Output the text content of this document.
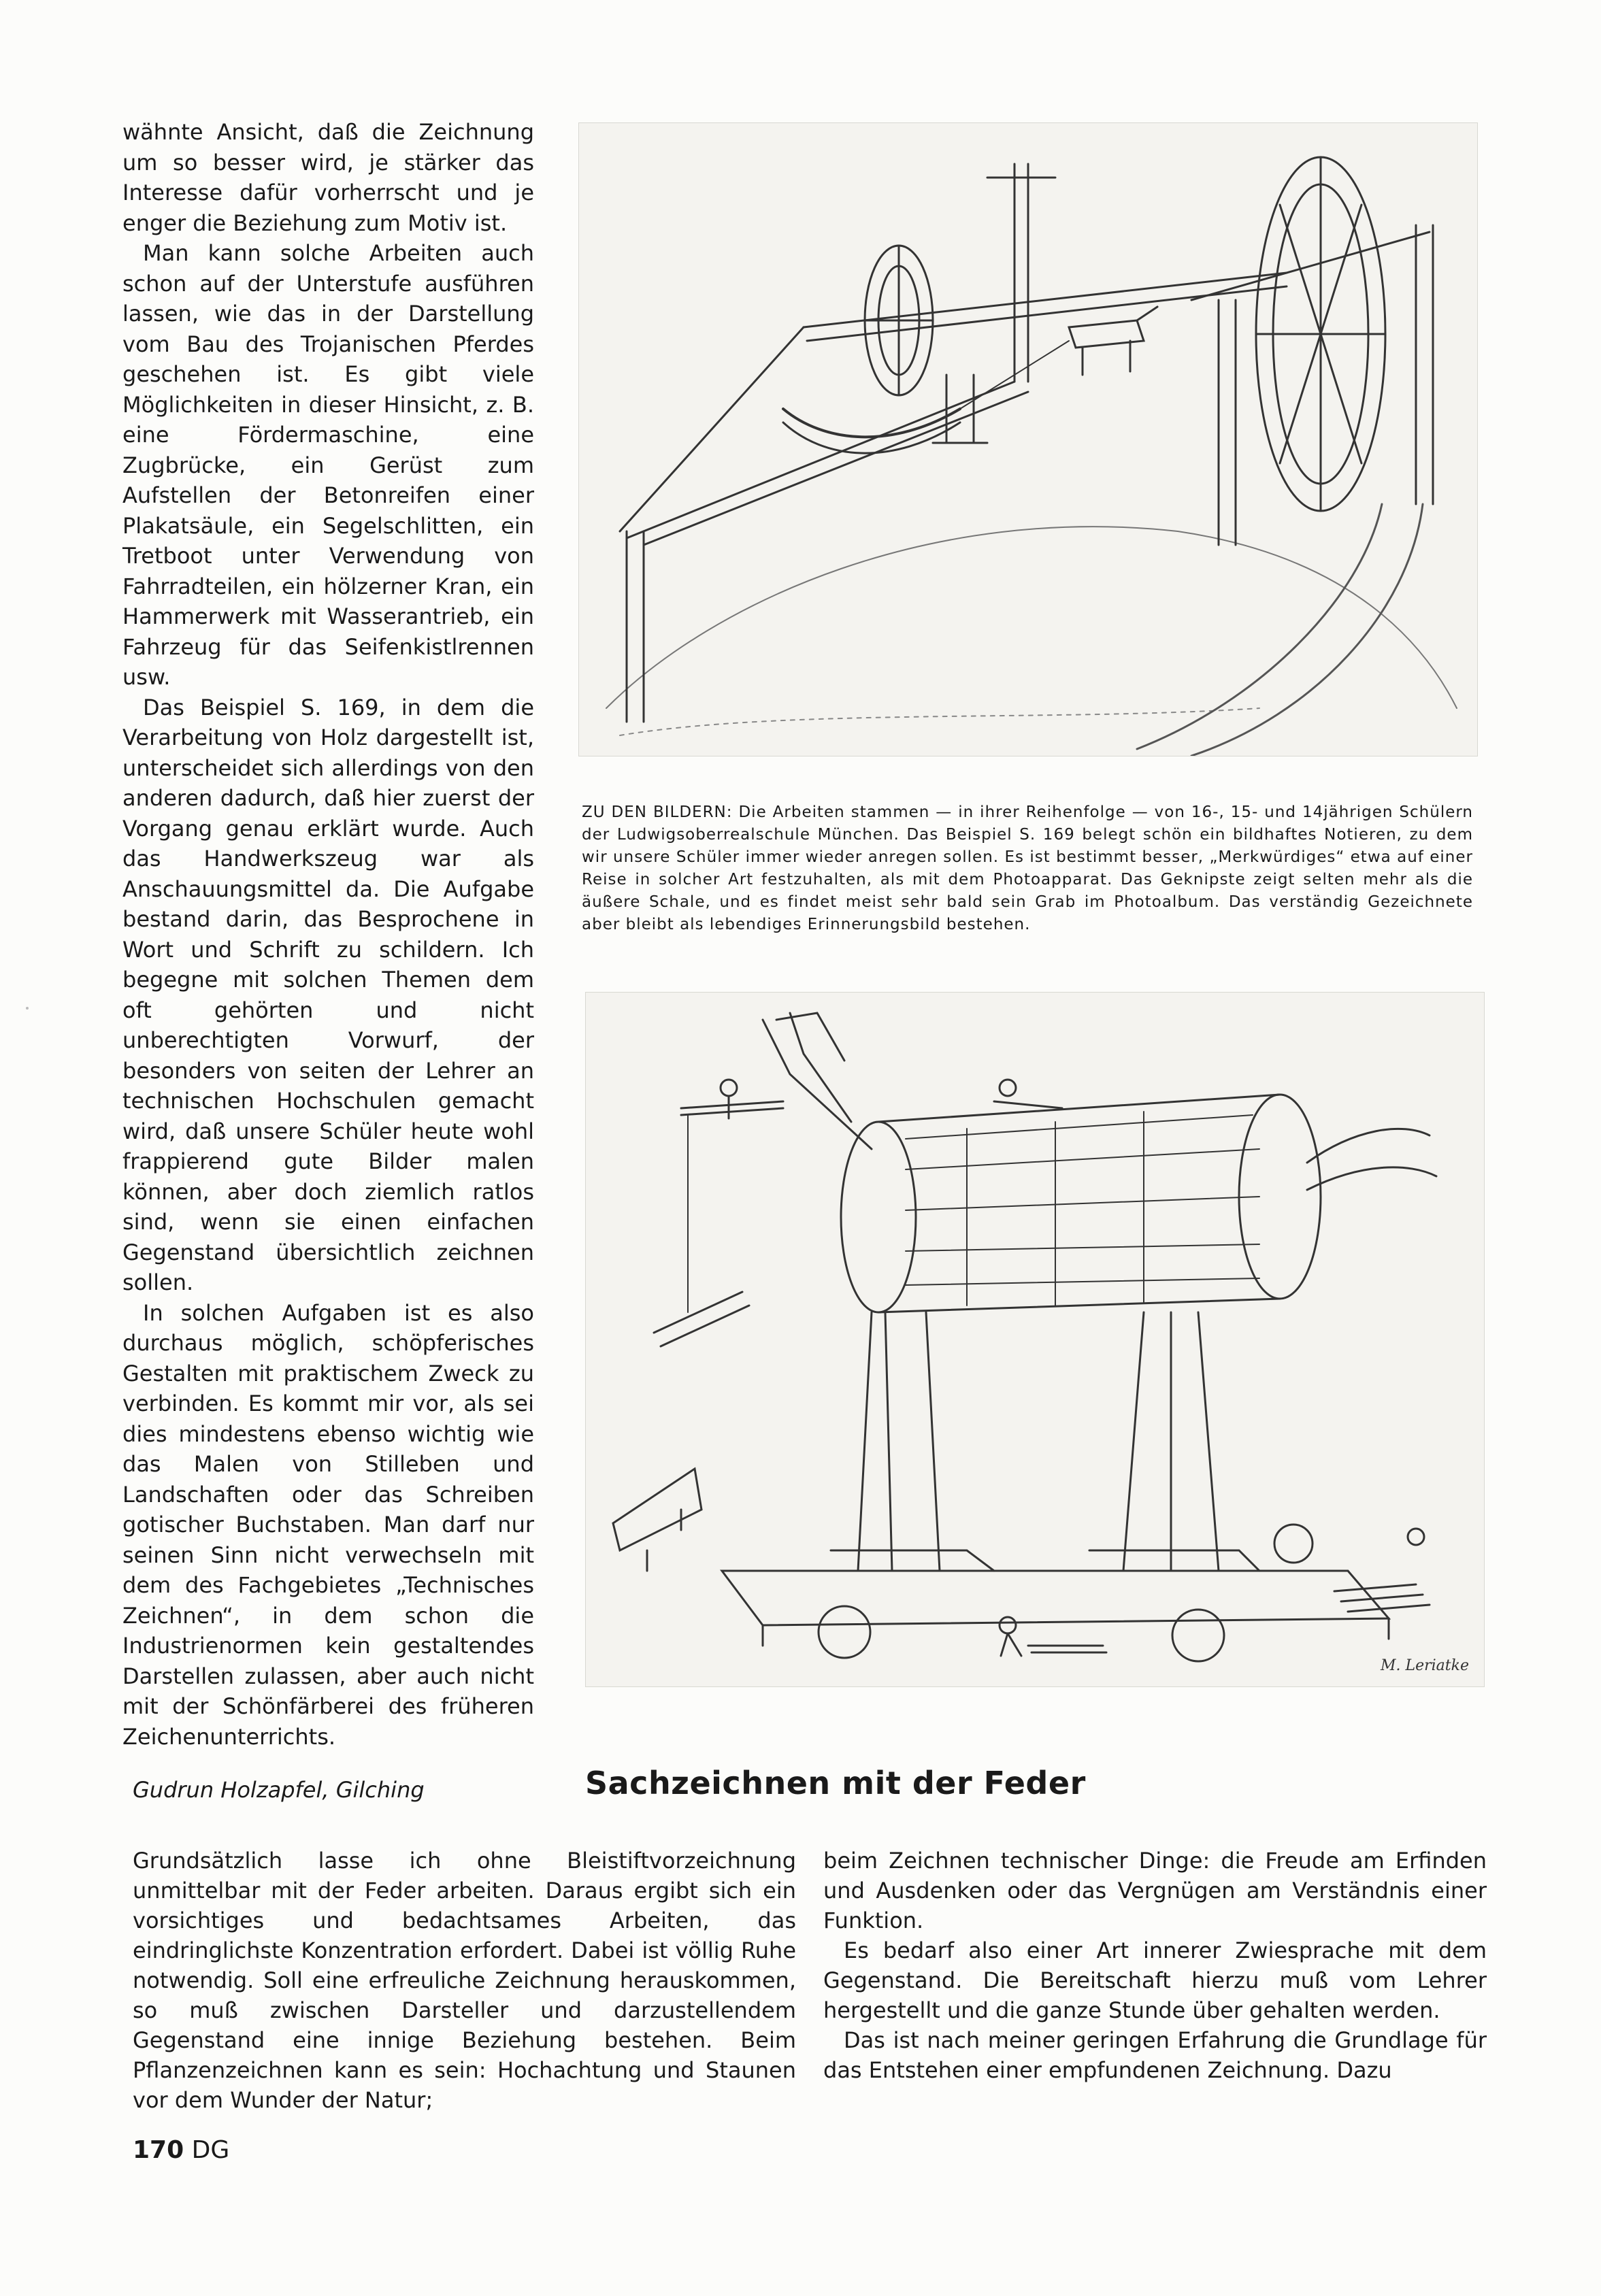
wähnte Ansicht, daß die Zeichnung um so besser wird, je stärker das Interesse dafür vorherrscht und je enger die Beziehung zum Motiv ist.

Man kann solche Arbeiten auch schon auf der Unterstufe ausführen lassen, wie das in der Darstellung vom Bau des Trojanischen Pferdes geschehen ist. Es gibt viele Möglichkeiten in dieser Hinsicht, z. B. eine Fördermaschine, eine Zugbrücke, ein Gerüst zum Aufstellen der Betonreifen einer Plakatsäule, ein Segelschlitten, ein Tretboot unter Verwendung von Fahrradteilen, ein hölzerner Kran, ein Hammerwerk mit Wasserantrieb, ein Fahrzeug für das Seifenkistlrennen usw.

Das Beispiel S. 169, in dem die Verarbeitung von Holz dargestellt ist, unterscheidet sich allerdings von den anderen dadurch, daß hier zuerst der Vorgang genau erklärt wurde. Auch das Handwerkszeug war als Anschauungsmittel da. Die Aufgabe bestand darin, das Besprochene in Wort und Schrift zu schildern. Ich begegne mit solchen Themen dem oft gehörten und nicht unberechtigten Vorwurf, der besonders von seiten der Lehrer an technischen Hochschulen gemacht wird, daß unsere Schüler heute wohl frappierend gute Bilder malen können, aber doch ziemlich ratlos sind, wenn sie einen einfachen Gegenstand übersichtlich zeichnen sollen.

In solchen Aufgaben ist es also durchaus möglich, schöpferisches Gestalten mit praktischem Zweck zu verbinden. Es kommt mir vor, als sei dies mindestens ebenso wichtig wie das Malen von Stilleben und Landschaften oder das Schreiben gotischer Buchstaben. Man darf nur seinen Sinn nicht verwechseln mit dem des Fachgebietes „Technisches Zeichnen“, in dem schon die Industrienormen kein gestaltendes Darstellen zulassen, aber auch nicht mit der Schönfärberei des früheren Zeichenunterrichts.

ZU DEN BILDERN: Die Arbeiten stammen — in ihrer Reihenfolge — von 16-, 15- und 14jährigen Schülern der Ludwigsoberrealschule München. Das Beispiel S. 169 belegt schön ein bildhaftes Notieren, zu dem wir unsere Schüler immer wieder anregen sollen. Es ist bestimmt besser, „Merkwürdiges“ etwa auf einer Reise in solcher Art festzuhalten, als mit dem Photoapparat. Das Geknipste zeigt selten mehr als die äußere Schale, und es findet meist sehr bald sein Grab im Photoalbum. Das verständig Gezeichnete aber bleibt als lebendiges Erinnerungsbild bestehen.
M. Leriatke
Gudrun Holzapfel, Gilching	Sachzeichnen mit der Feder

Grundsätzlich lasse ich ohne Bleistiftvorzeichnung unmittelbar mit der Feder arbeiten. Daraus ergibt sich ein vorsichtiges und bedachtsames Arbeiten, das eindringlichste Konzentration erfordert. Dabei ist völlig Ruhe notwendig. Soll eine erfreuliche Zeichnung herauskommen, so muß zwischen Darsteller und darzustellendem Gegenstand eine innige Beziehung bestehen. Beim Pflanzenzeichnen kann es sein: Hochachtung und Staunen vor dem Wunder der Natur;

beim Zeichnen technischer Dinge: die Freude am Erfinden und Ausdenken oder das Vergnügen am Verständnis einer Funktion.

Es bedarf also einer Art innerer Zwiesprache mit dem Gegenstand. Die Bereitschaft hierzu muß vom Lehrer hergestellt und die ganze Stunde über gehalten werden.

Das ist nach meiner geringen Erfahrung die Grundlage für das Entstehen einer empfundenen Zeichnung. Dazu

170 DG
